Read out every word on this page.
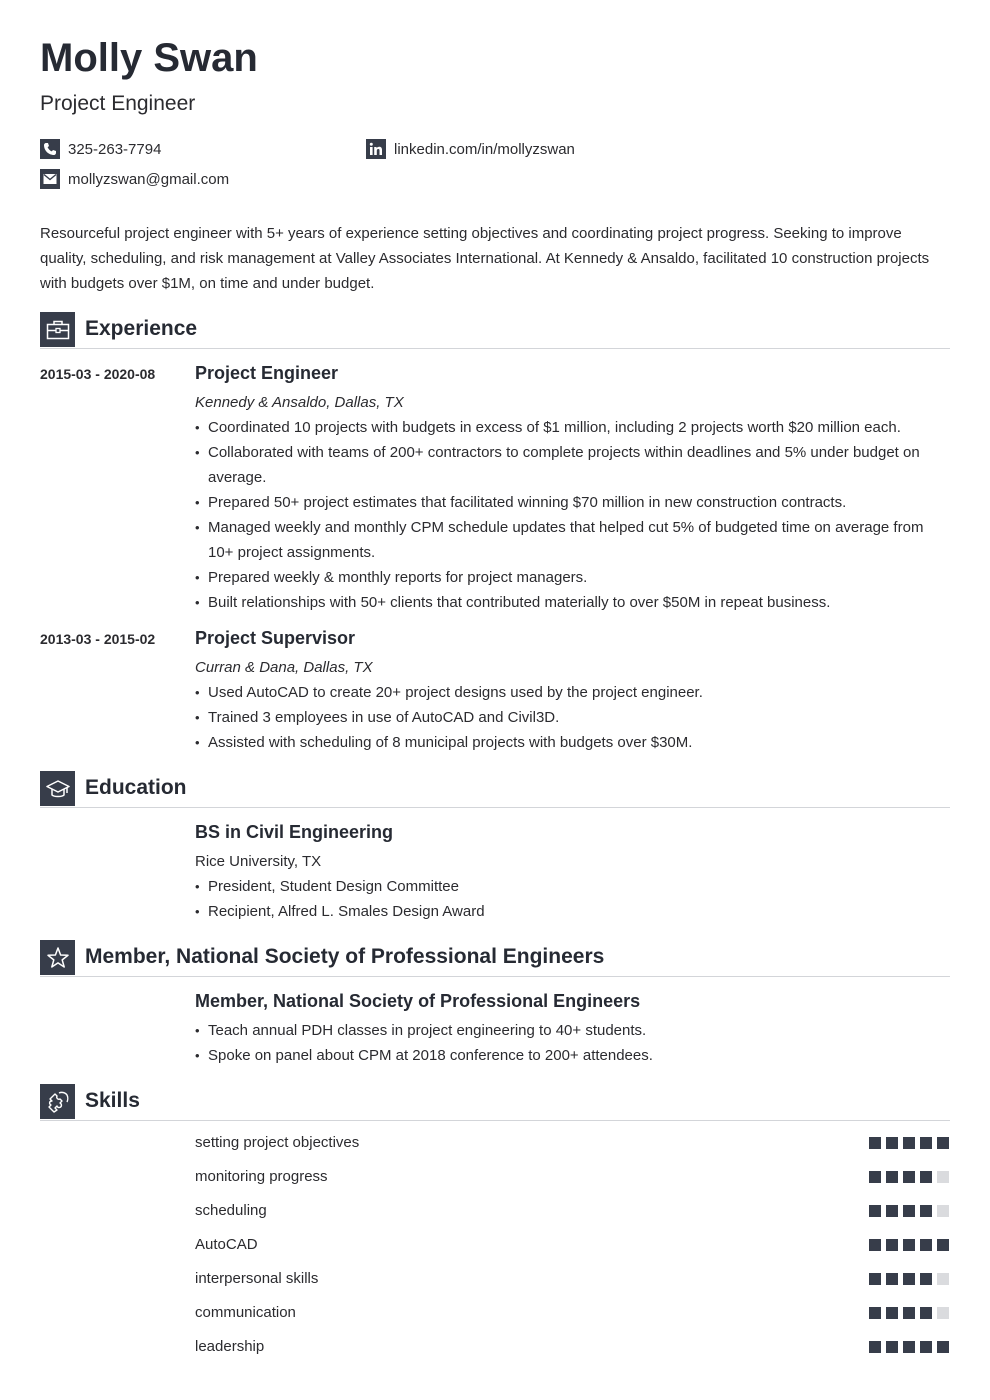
Molly Swan
Project Engineer
325-263-7794
mollyzswan@gmail.com
linkedin.com/in/mollyzswan

Resourceful project engineer with 5+ years of experience setting objectives and coordinating project progress. Seeking to improve quality, scheduling, and risk management at Valley Associates International. At Kennedy & Ansaldo, facilitated 10 construction projects with budgets over $1M, on time and under budget.

Experience
2015-03 - 2020-08 Project Engineer
Kennedy & Ansaldo, Dallas, TX
• Coordinated 10 projects with budgets in excess of $1 million, including 2 projects worth $20 million each.
• Collaborated with teams of 200+ contractors to complete projects within deadlines and 5% under budget on average.
• Prepared 50+ project estimates that facilitated winning $70 million in new construction contracts.
• Managed weekly and monthly CPM schedule updates that helped cut 5% of budgeted time on average from 10+ project assignments.
• Prepared weekly & monthly reports for project managers.
• Built relationships with 50+ clients that contributed materially to over $50M in repeat business.
2013-03 - 2015-02 Project Supervisor
Curran & Dana, Dallas, TX
• Used AutoCAD to create 20+ project designs used by the project engineer.
• Trained 3 employees in use of AutoCAD and Civil3D.
• Assisted with scheduling of 8 municipal projects with budgets over $30M.
Education
BS in Civil Engineering
Rice University, TX
• President, Student Design Committee
• Recipient, Alfred L. Smales Design Award
Member, National Society of Professional Engineers
Member, National Society of Professional Engineers
• Teach annual PDH classes in project engineering to 40+ students.
• Spoke on panel about CPM at 2018 conference to 200+ attendees.
Skills
setting project objectives
monitoring progress
scheduling
AutoCAD
interpersonal skills
communication
leadership
